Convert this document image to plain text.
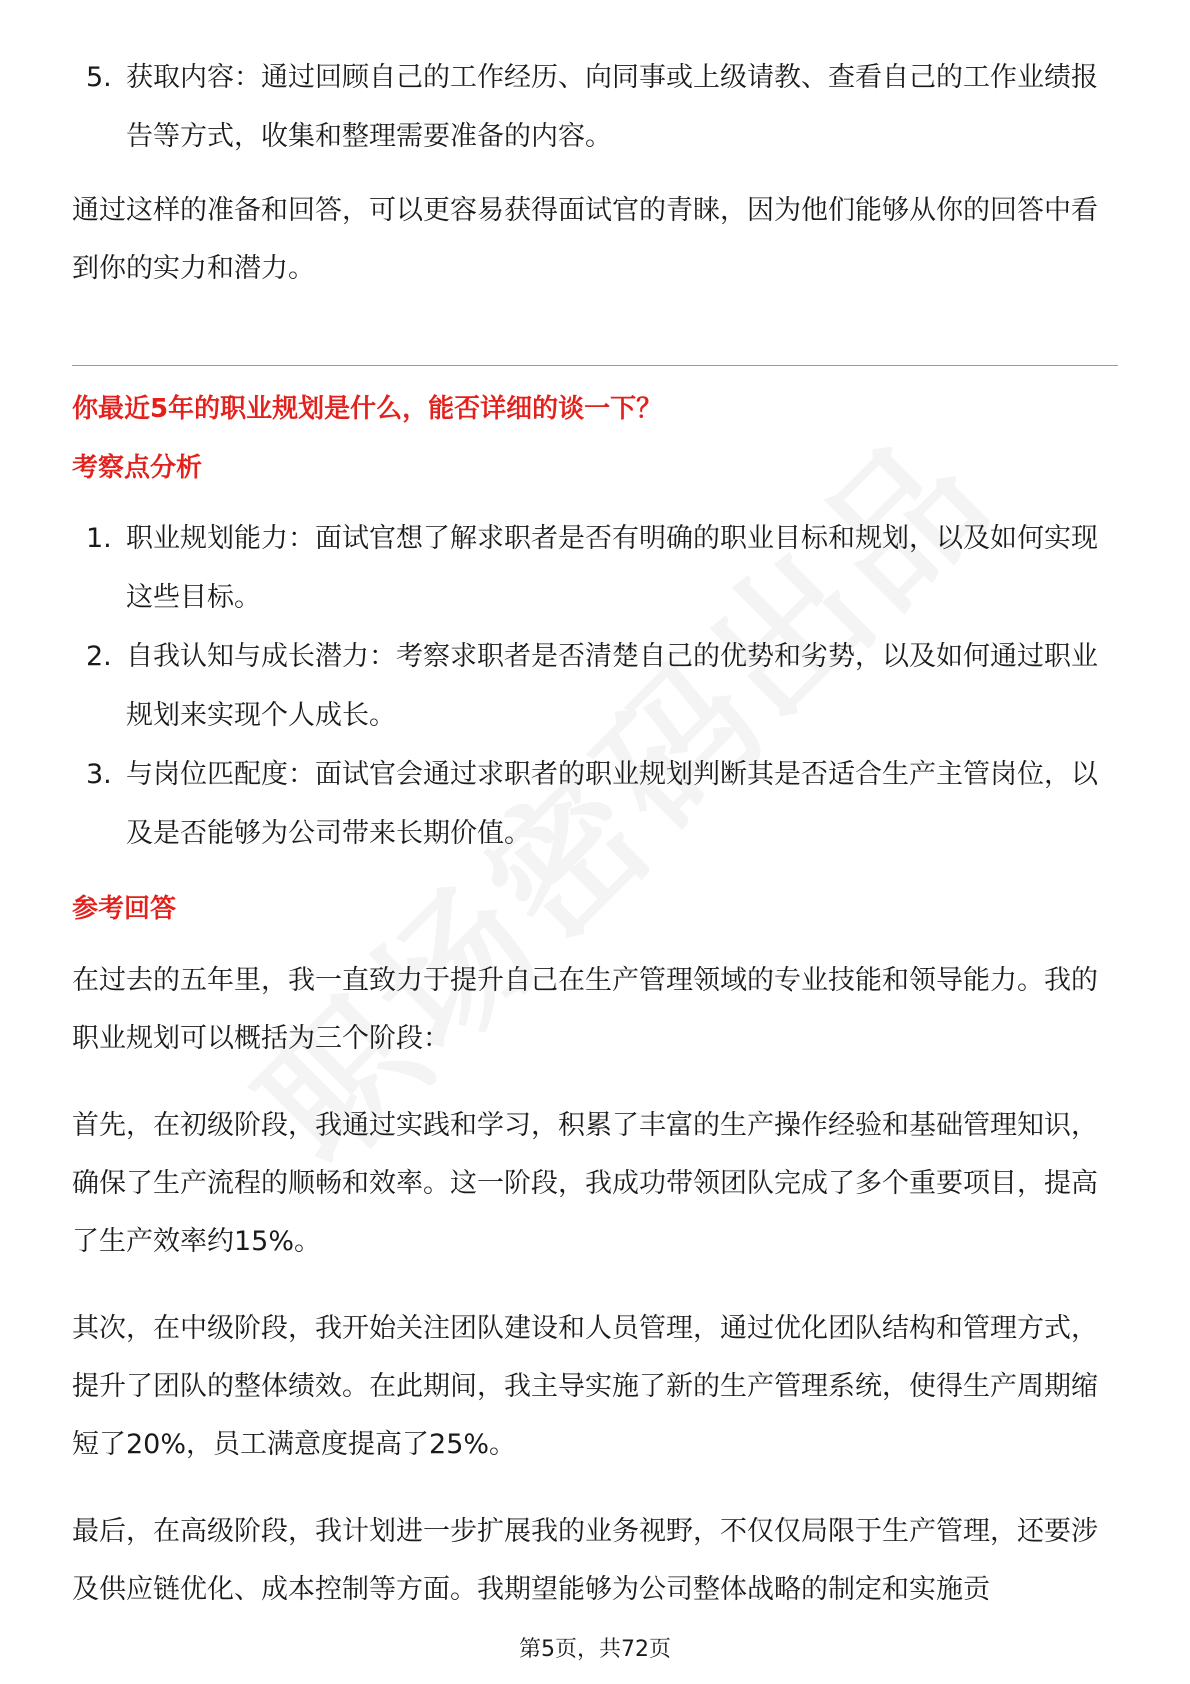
5. 获取内容：通过回顾自己的工作经历、向同事或上级请教、查看自己的工作业绩报告等方式，收集和整理需要准备的内容。
通过这样的准备和回答，可以更容易获得面试官的青睐，因为他们能够从你的回答中看到你的实力和潜力。
你最近5年的职业规划是什么，能否详细的谈一下？
考察点分析
1. 职业规划能力：面试官想了解求职者是否有明确的职业目标和规划，以及如何实现这些目标。
2. 自我认知与成长潜力：考察求职者是否清楚自己的优势和劣势，以及如何通过职业规划来实现个人成长。
3. 与岗位匹配度：面试官会通过求职者的职业规划判断其是否适合生产主管岗位，以及是否能够为公司带来长期价值。
参考回答
在过去的五年里，我一直致力于提升自己在生产管理领域的专业技能和领导能力。我的职业规划可以概括为三个阶段：
首先，在初级阶段，我通过实践和学习，积累了丰富的生产操作经验和基础管理知识，确保了生产流程的顺畅和效率。这一阶段，我成功带领团队完成了多个重要项目，提高了生产效率约15%。
其次，在中级阶段，我开始关注团队建设和人员管理，通过优化团队结构和管理方式，提升了团队的整体绩效。在此期间，我主导实施了新的生产管理系统，使得生产周期缩短了20%，员工满意度提高了25%。
最后，在高级阶段，我计划进一步扩展我的业务视野，不仅仅局限于生产管理，还要涉及供应链优化、成本控制等方面。我期望能够为公司整体战略的制定和实施贡
第5页，共72页
